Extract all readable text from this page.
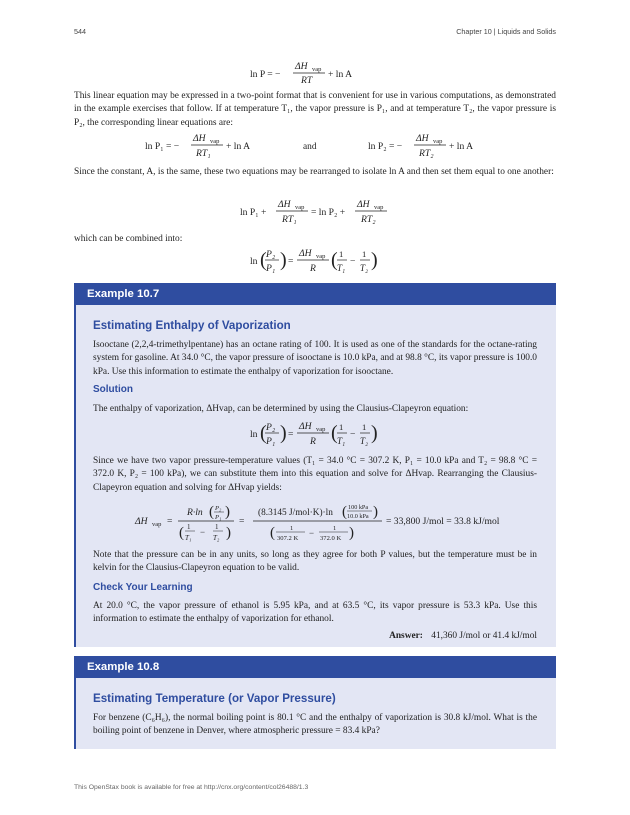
544	Chapter 10 | Liquids and Solids
ln P = −
ΔH vap
RT
+ ln A

This linear equation may be expressed in a two-point format that is convenient for use in various computations, as demonstrated in the example exercises that follow. If at temperature T₁, the vapor pressure is P₁, and at temperature T₂, the vapor pressure is P₂, the corresponding linear equations are:

ln P₁ = −
ΔH vap
RT₁
+ ln A	and	ln P₂ = −
ΔH vap
RT₂
+ ln A

Since the constant, A, is the same, these two equations may be rearranged to isolate ln A and then set them equal to one another:

ln P₁ +
ΔH vap
RT₁
= ln P₂ +
ΔH vap
RT₂

which can be combined into:

ln ( P₂
P₁ ) =
ΔH vap
R ( 1
T₁
−
1
T₂ )
Example 10.7
Estimating Enthalpy of Vaporization

Isooctane (2,2,4-trimethylpentane) has an octane rating of 100. It is used as one of the standards for the octane-rating system for gasoline. At 34.0 °C, the vapor pressure of isooctane is 10.0 kPa, and at 98.8 °C, its vapor pressure is 100.0 kPa. Use this information to estimate the enthalpy of vaporization for isooctane.

Solution

The enthalpy of vaporization, ΔHvap, can be determined by using the Clausius-Clapeyron equation:

ln ( P₂
P₁ ) =
ΔH vap
R ( 1
T₁
−
1
T₂ )

Since we have two vapor pressure-temperature values (T₁ = 34.0 °C = 307.2 K, P₁ = 10.0 kPa and T₂ = 98.8 °C = 372.0 K, P₂ = 100 kPa), we can substitute them into this equation and solve for ΔHvap. Rearranging the Clausius-Clapeyron equation and solving for ΔHvap yields:

ΔH vap =
R·ln ( P₂
P₁ )
( 1
T₁
− 1
T₂ )
=
(8.3145 J/mol·K)·ln ( 100 kPa
10.0 kPa )
( 1
307.2 K
−	1
372.0 K )
= 33,800 J/mol = 33.8 kJ/mol

Note that the pressure can be in any units, so long as they agree for both P values, but the temperature must be in kelvin for the Clausius-Clapeyron equation to be valid.

Check Your Learning

At 20.0 °C, the vapor pressure of ethanol is 5.95 kPa, and at 63.5 °C, its vapor pressure is 53.3 kPa. Use this information to estimate the enthalpy of vaporization for ethanol.

Answer: 41,360 J/mol or 41.4 kJ/mol
Example 10.8
Estimating Temperature (or Vapor Pressure)

For benzene (C₆H₆), the normal boiling point is 80.1 °C and the enthalpy of vaporization is 30.8 kJ/mol. What is the boiling point of benzene in Denver, where atmospheric pressure = 83.4 kPa?

This OpenStax book is available for free at http://cnx.org/content/col26488/1.3
